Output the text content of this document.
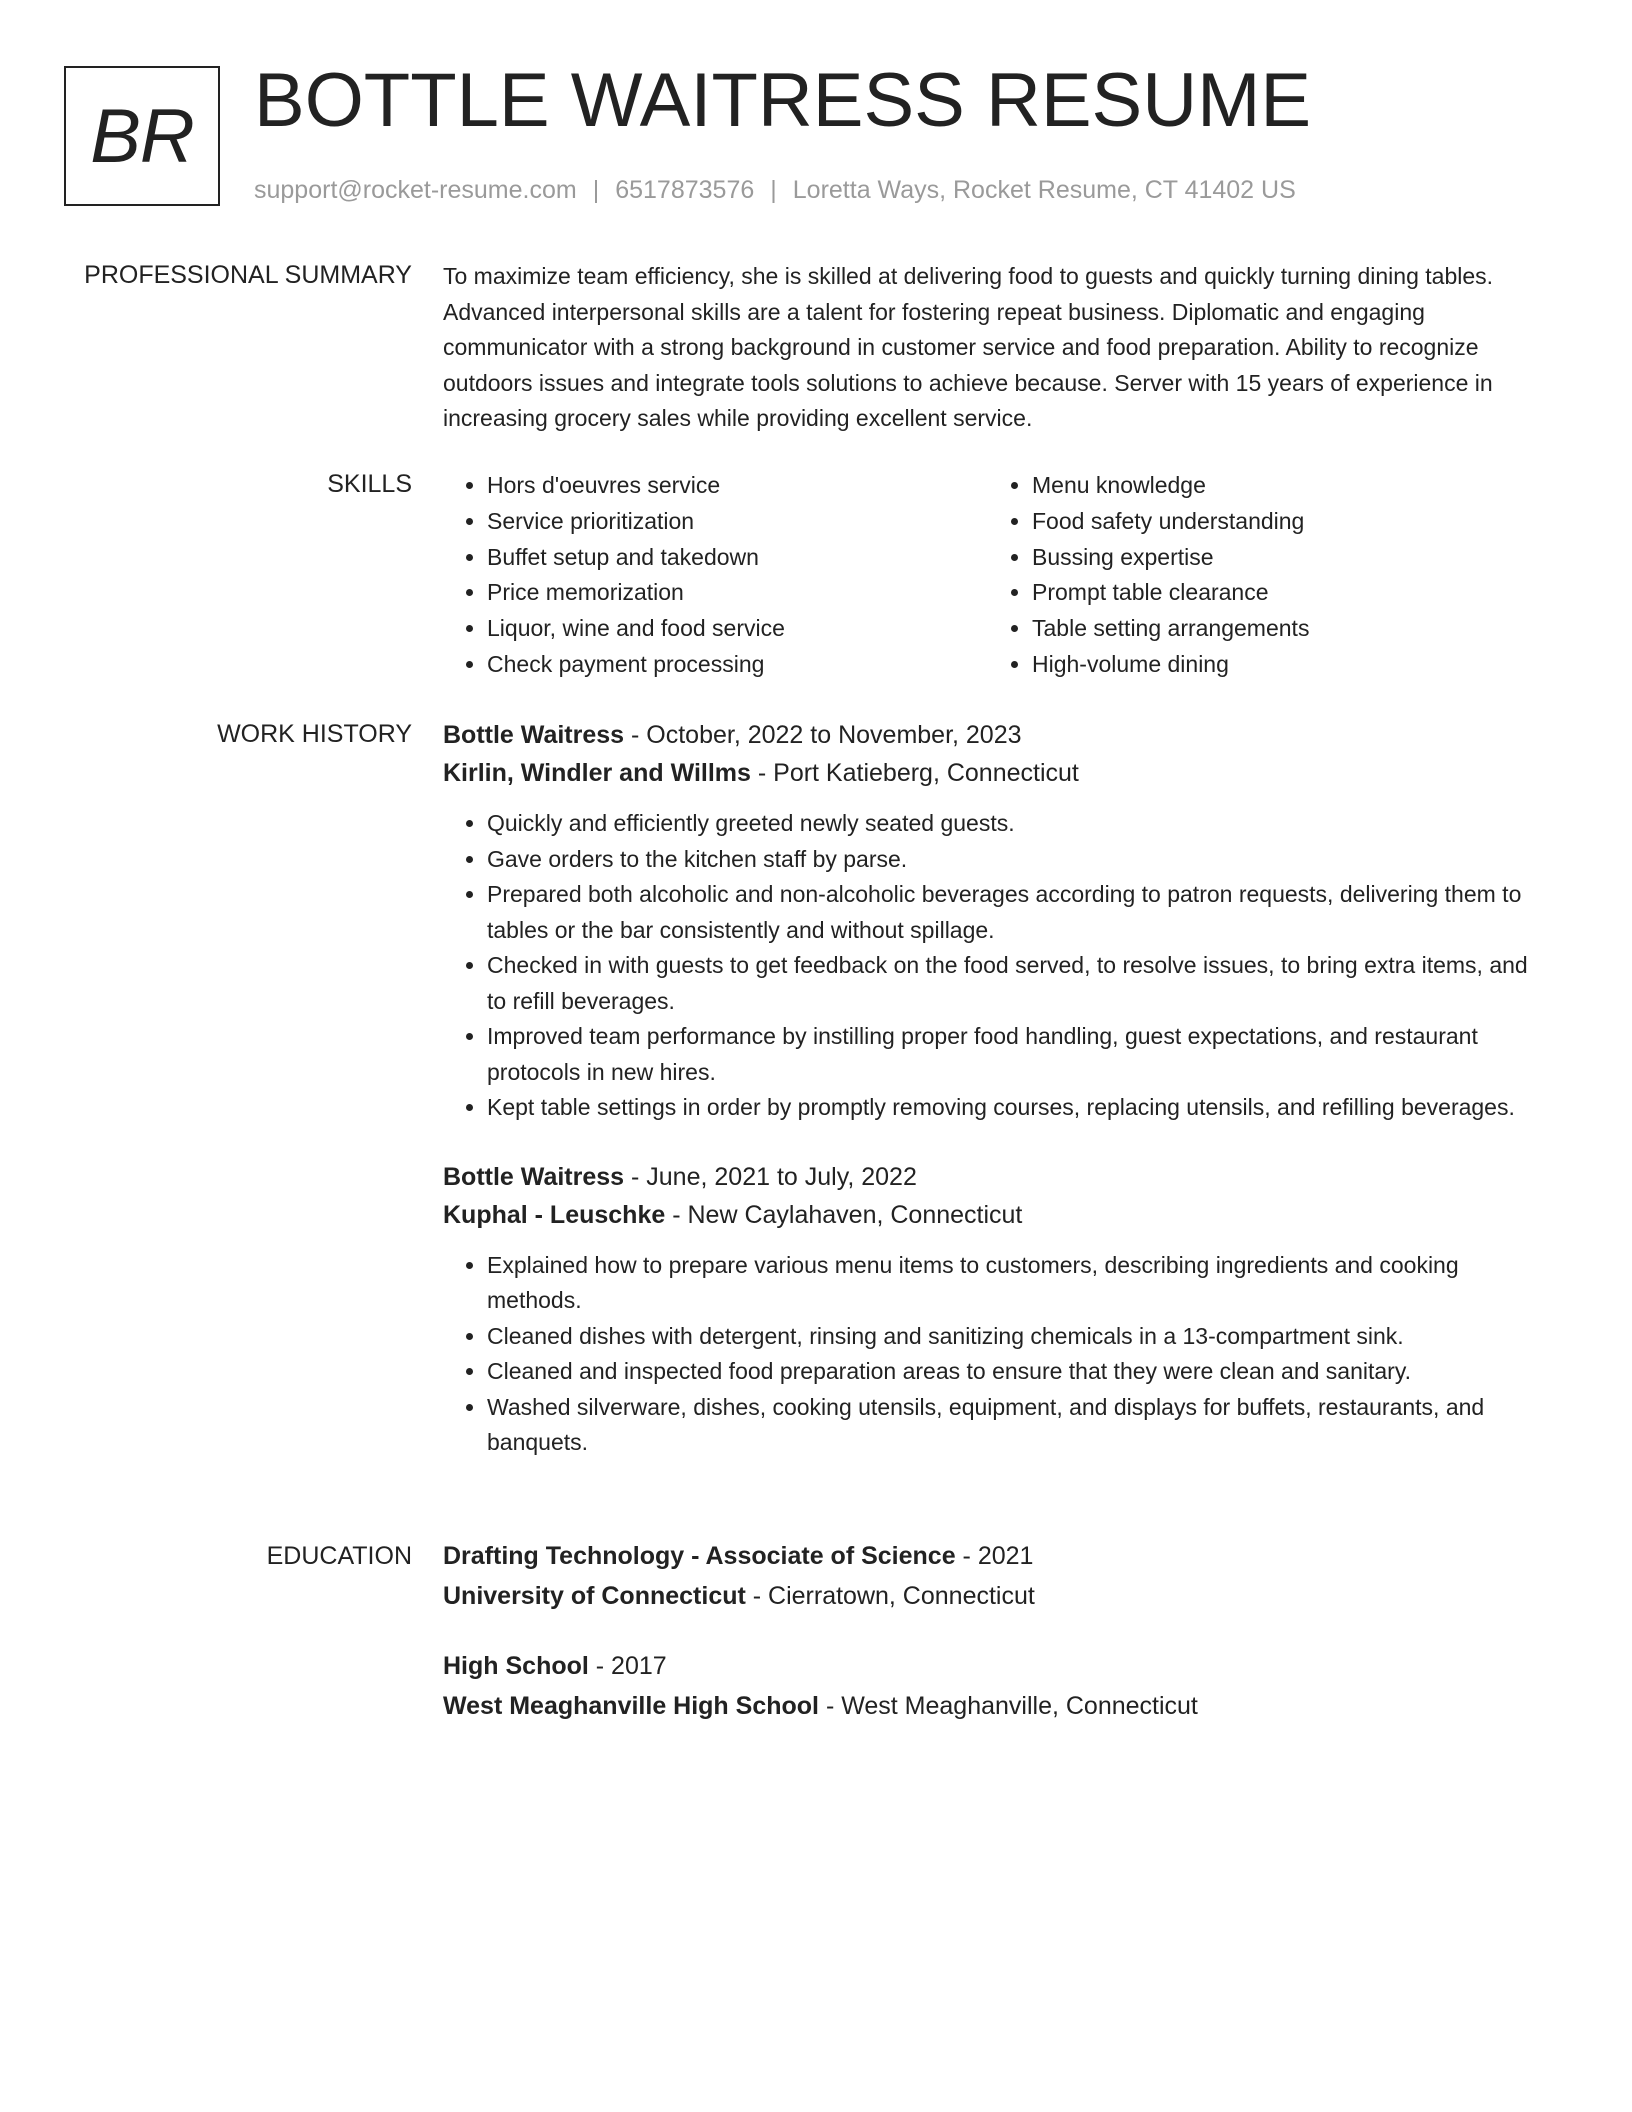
BR BOTTLE WAITRESS RESUME
support@rocket-resume.com | 6517873576 | Loretta Ways, Rocket Resume, CT 41402 US
PROFESSIONAL SUMMARY To maximize team efficiency, she is skilled at delivering food to guests and quickly turning dining tables. Advanced interpersonal skills are a talent for fostering repeat business. Diplomatic and engaging communicator with a strong background in customer service and food preparation. Ability to recognize outdoors issues and integrate tools solutions to achieve because. Server with 15 years of experience in increasing grocery sales while providing excellent service.

SKILLS
•	Hors d'oeuvres service
• Service prioritization
• Buffet setup and takedown
• Price memorization
• Liquor, wine and food service
• Check payment processing
• Menu knowledge
• Food safety understanding
• Bussing expertise
• Prompt table clearance
• Table setting arrangements
• High-volume dining
WORK HISTORY Bottle Waitress - October, 2022 to November, 2023
Kirlin, Windler and Willms - Port Katieberg, Connecticut
• Quickly and efficiently greeted newly seated guests.
• Gave orders to the kitchen staff by parse.
• Prepared both alcoholic and non-alcoholic beverages according to patron requests, delivering them to tables or the bar consistently and without spillage.
• Checked in with guests to get feedback on the food served, to resolve issues, to bring extra items, and to refill beverages.
• Improved team performance by instilling proper food handling, guest expectations, and restaurant protocols in new hires.
• Kept table settings in order by promptly removing courses, replacing utensils, and refilling beverages.
Bottle Waitress - June, 2021 to July, 2022
Kuphal - Leuschke - New Caylahaven, Connecticut
• Explained how to prepare various menu items to customers, describing ingredients and cooking methods.
• Cleaned dishes with detergent, rinsing and sanitizing chemicals in a 13-compartment sink.
• Cleaned and inspected food preparation areas to ensure that they were clean and sanitary.
• Washed silverware, dishes, cooking utensils, equipment, and displays for buffets, restaurants, and banquets.
EDUCATION Drafting Technology - Associate of Science - 2021
University of Connecticut - Cierratown, Connecticut
High School - 2017
West Meaghanville High School - West Meaghanville, Connecticut
